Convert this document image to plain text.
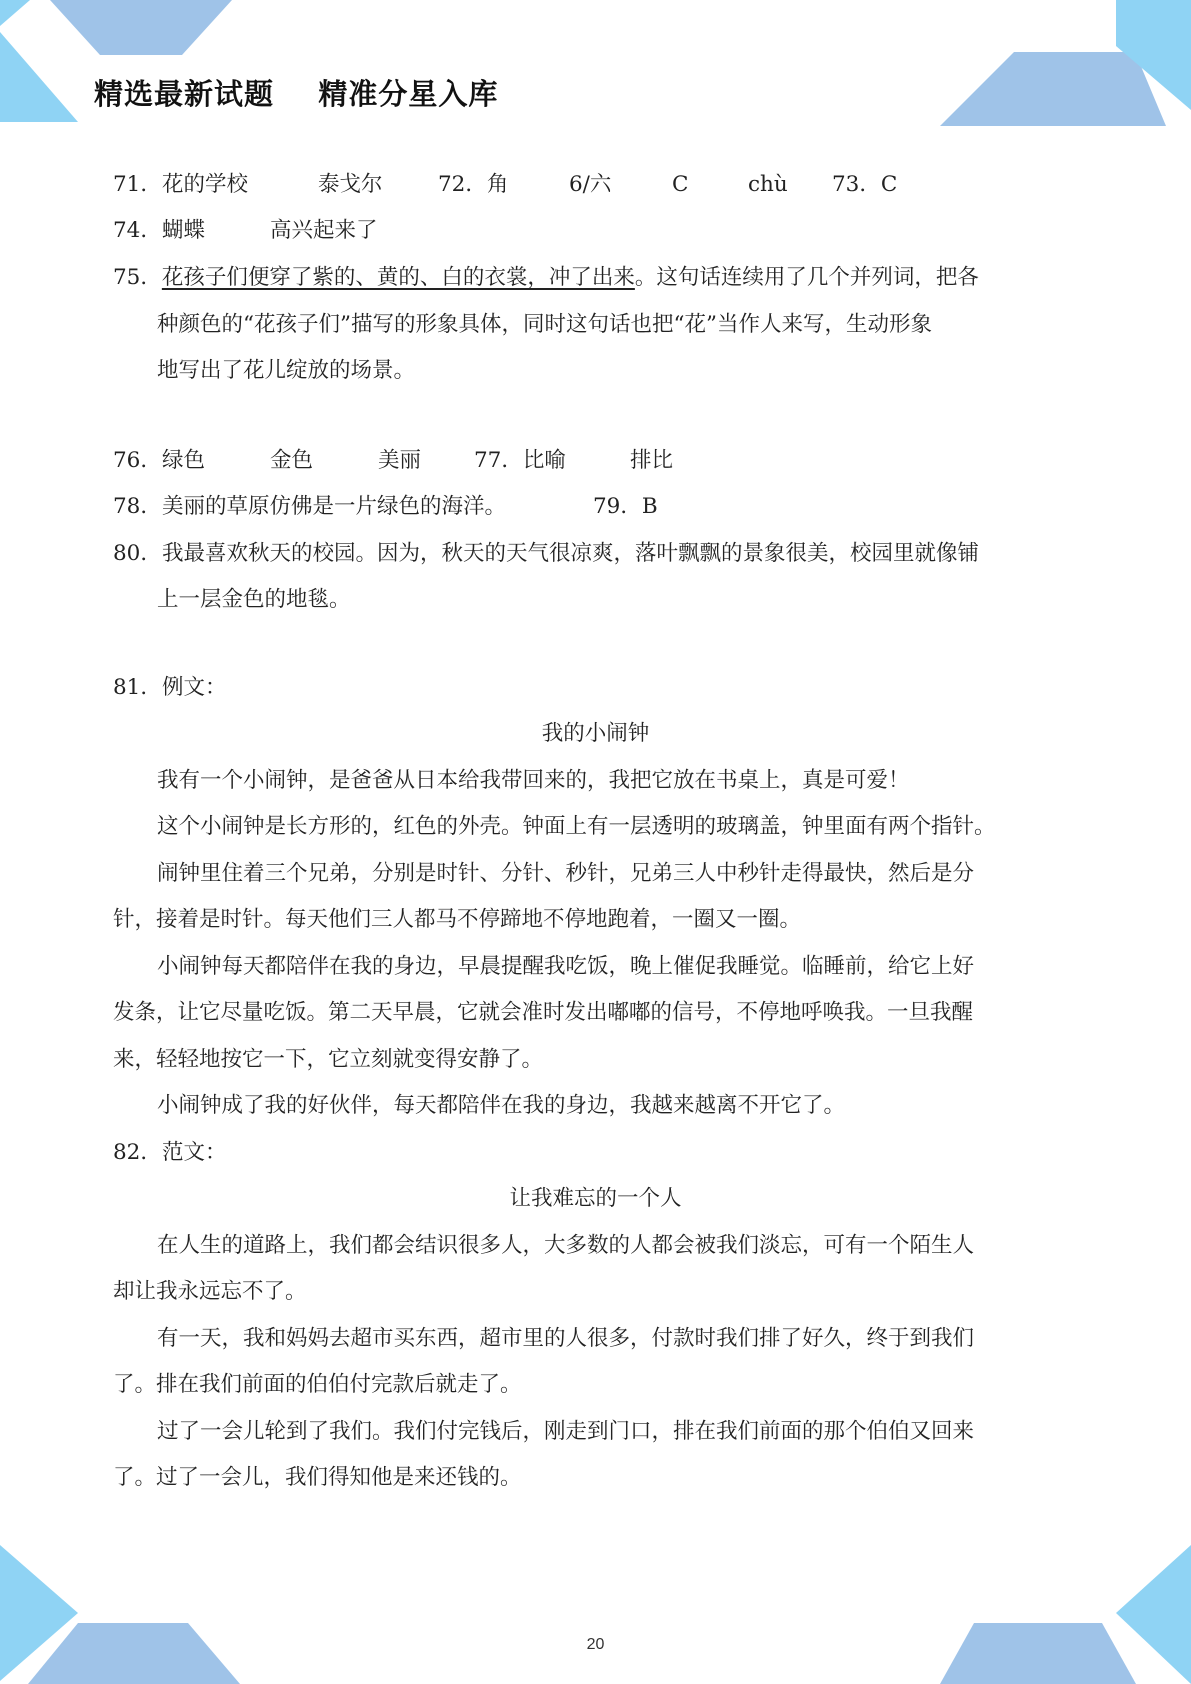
精选最新试题    精准分星入库
71． 花的学校	泰戈尔	72．角	6/六	C	chù 73．C
74． 蝴蝶	高兴起来了
75．花孩子们便穿了紫的、黄的、白的衣裳，冲了出来。这句话连续用了几个并列词，把各
种颜色的“花孩子们”描写的形象具体，同时这句话也把“花”当作人来写，生动形象
地写出了花儿绽放的场景。
76． 绿色	金色	美丽 77．比喻	排比
78． 美丽的草原仿佛是一片绿色的海洋。	79．B
80． 我最喜欢秋天的校园。因为，秋天的天气很凉爽，落叶飘飘的景象很美，校园里就像铺
上一层金色的地毯。
81． 例文：
我的小闹钟
我有一个小闹钟，是爸爸从日本给我带回来的，我把它放在书桌上，真是可爱！
这个小闹钟是长方形的，红色的外壳。钟面上有一层透明的玻璃盖，钟里面有两个指针。
闹钟里住着三个兄弟，分别是时针、分针、秒针，兄弟三人中秒针走得最快，然后是分
针，接着是时针。每天他们三人都马不停蹄地不停地跑着，一圈又一圈。
小闹钟每天都陪伴在我的身边，早晨提醒我吃饭，晚上催促我睡觉。临睡前，给它上好
发条，让它尽量吃饭。第二天早晨，它就会准时发出嘟嘟的信号，不停地呼唤我。一旦我醒
来，轻轻地按它一下，它立刻就变得安静了。
小闹钟成了我的好伙伴，每天都陪伴在我的身边，我越来越离不开它了。
82． 范文：
让我难忘的一个人
在人生的道路上，我们都会结识很多人，大多数的人都会被我们淡忘，可有一个陌生人
却让我永远忘不了。
有一天，我和妈妈去超市买东西，超市里的人很多，付款时我们排了好久，终于到我们
了。排在我们前面的伯伯付完款后就走了。
过了一会儿轮到了我们。我们付完钱后，刚走到门口，排在我们前面的那个伯伯又回来
了。过了一会儿，我们得知他是来还钱的。
20
